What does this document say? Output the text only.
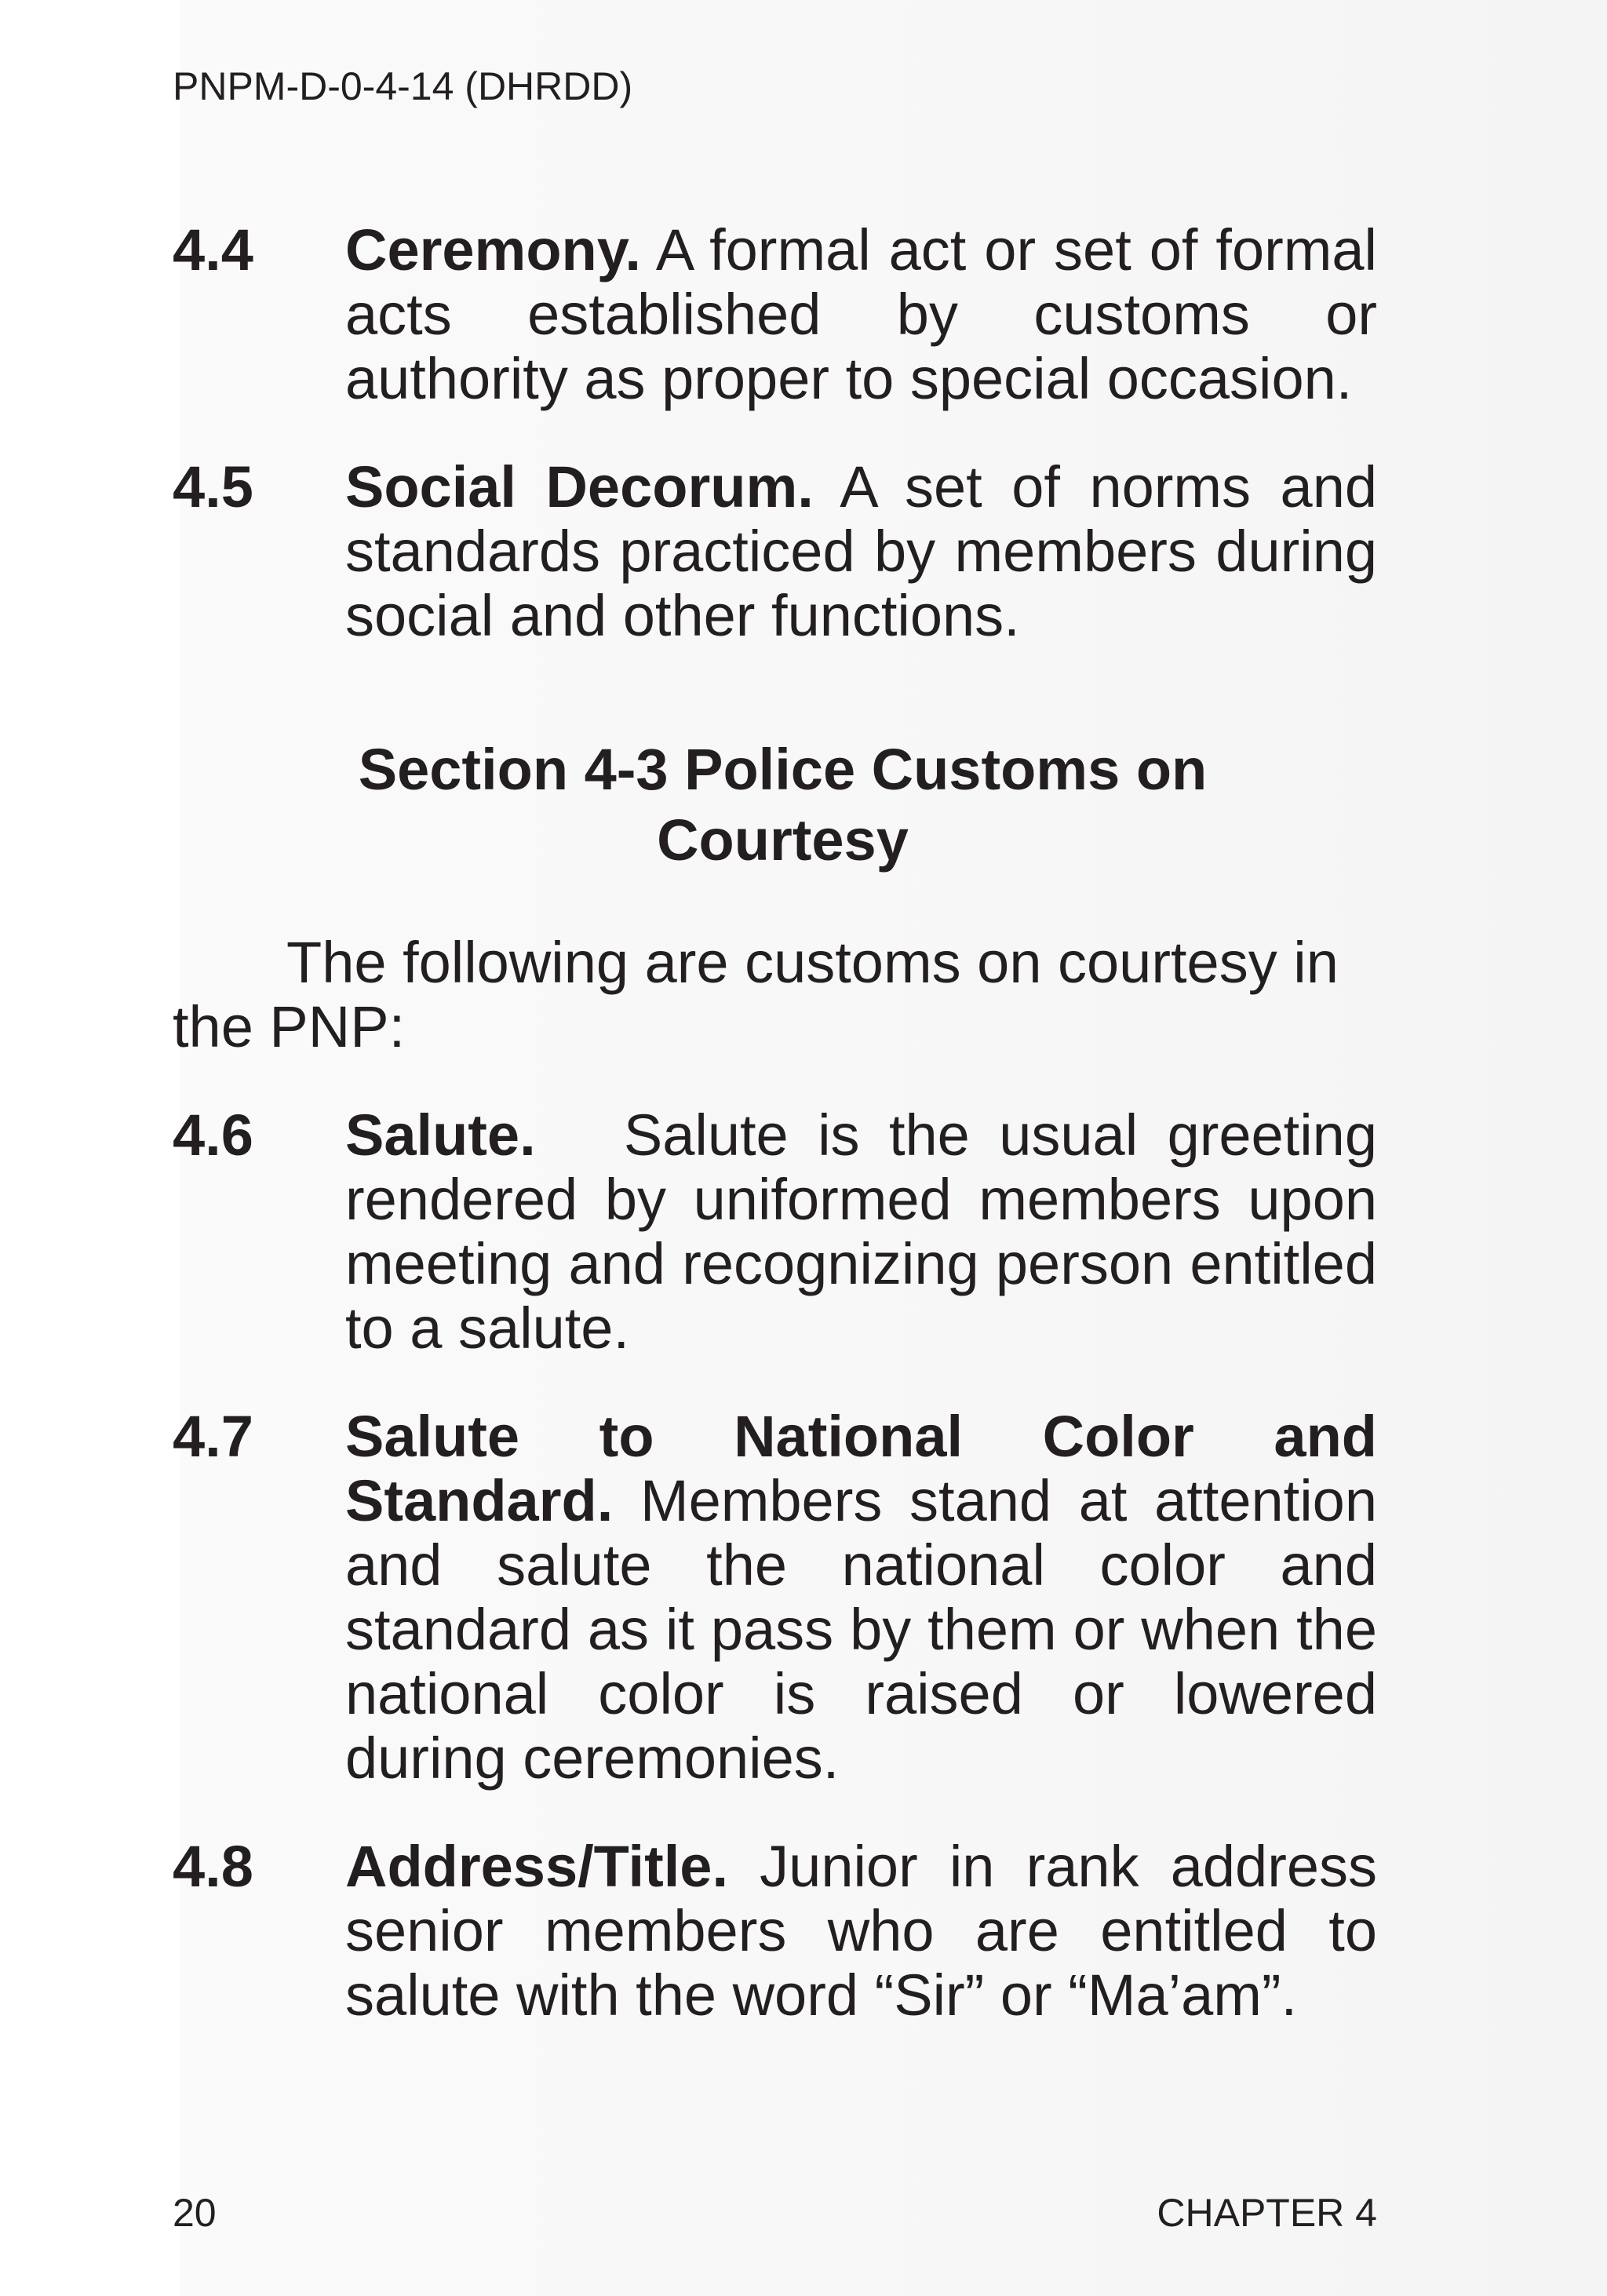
PNPM-D-0-4-14 (DHRDD)
4.4	Ceremony. A formal act or set of formal acts established by customs or authority as proper to special occasion.
4.5	Social Decorum. A set of norms and standards practiced by members during social and other functions.
Section 4-3 Police Customs on
Courtesy
The following are customs on courtesy in the PNP:
4.6	Salute.   Salute is the usual greeting rendered by uniformed members upon meeting and recognizing person entitled to a salute.
4.7	Salute to National Color and Standard. Members stand at attention and salute the national color and standard as it pass by them or when the national color is raised or lowered during ceremonies.
4.8	Address/Title. Junior in rank address senior members who are entitled to salute with the word “Sir” or “Ma’am”.
20	CHAPTER 4
